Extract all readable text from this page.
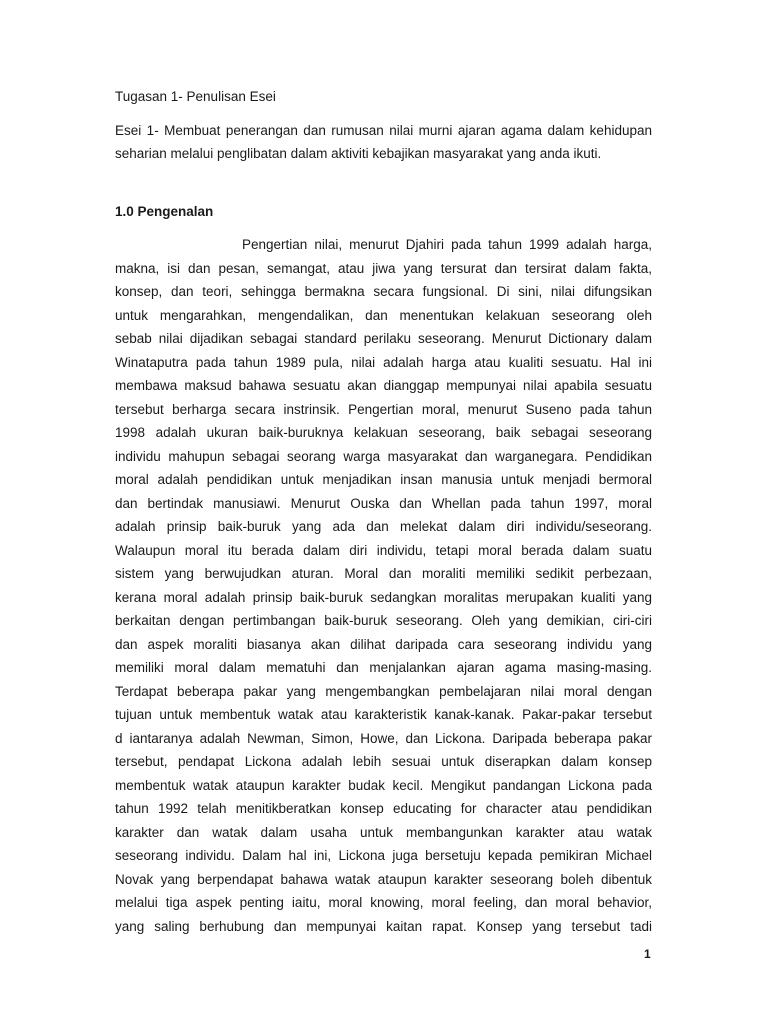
Tugasan 1- Penulisan Esei

Esei 1- Membuat penerangan dan rumusan nilai murni ajaran agama dalam kehidupan seharian melalui penglibatan dalam aktiviti kebajikan masyarakat yang anda ikuti.

1.0 Pengenalan
Pengertian nilai, menurut Djahiri pada tahun 1999 adalah harga,
makna, isi dan pesan, semangat, atau jiwa yang tersurat dan tersirat dalam fakta,
konsep, dan teori, sehingga bermakna secara fungsional. Di sini, nilai difungsikan
untuk mengarahkan, mengendalikan, dan menentukan kelakuan seseorang oleh
sebab nilai dijadikan sebagai standard perilaku seseorang. Menurut Dictionary dalam
Winataputra pada tahun 1989 pula, nilai adalah harga atau kualiti sesuatu. Hal ini
membawa maksud bahawa sesuatu akan dianggap mempunyai nilai apabila sesuatu
tersebut berharga secara instrinsik. Pengertian moral, menurut Suseno pada tahun
1998 adalah ukuran baik-buruknya kelakuan seseorang, baik sebagai seseorang
individu mahupun sebagai seorang warga masyarakat dan warganegara. Pendidikan
moral adalah pendidikan untuk menjadikan insan manusia untuk menjadi bermoral
dan bertindak manusiawi. Menurut Ouska dan Whellan pada tahun 1997, moral
adalah prinsip baik-buruk yang ada dan melekat dalam diri individu/seseorang.
Walaupun moral itu berada dalam diri individu, tetapi moral berada dalam suatu
sistem yang berwujudkan aturan. Moral dan moraliti memiliki sedikit perbezaan,
kerana moral adalah prinsip baik-buruk sedangkan moralitas merupakan kualiti yang
berkaitan dengan pertimbangan baik-buruk seseorang. Oleh yang demikian, ciri-ciri
dan aspek moraliti biasanya akan dilihat daripada cara seseorang individu yang
memiliki moral dalam mematuhi dan menjalankan ajaran agama masing-masing.
Terdapat beberapa pakar yang mengembangkan pembelajaran nilai moral dengan
tujuan untuk membentuk watak atau karakteristik kanak-kanak. Pakar-pakar tersebut
d iantaranya adalah Newman, Simon, Howe, dan Lickona. Daripada beberapa pakar
tersebut, pendapat Lickona adalah lebih sesuai untuk diserapkan dalam konsep
membentuk watak ataupun karakter budak kecil. Mengikut pandangan Lickona pada
tahun 1992 telah menitikberatkan konsep educating for character atau pendidikan
karakter dan watak dalam usaha untuk membangunkan karakter atau watak
seseorang individu. Dalam hal ini, Lickona juga bersetuju kepada pemikiran Michael
Novak yang berpendapat bahawa watak ataupun karakter seseorang boleh dibentuk
melalui tiga aspek penting iaitu, moral knowing, moral feeling, dan moral behavior,
yang saling berhubung dan mempunyai kaitan rapat. Konsep yang tersebut tadi
1
